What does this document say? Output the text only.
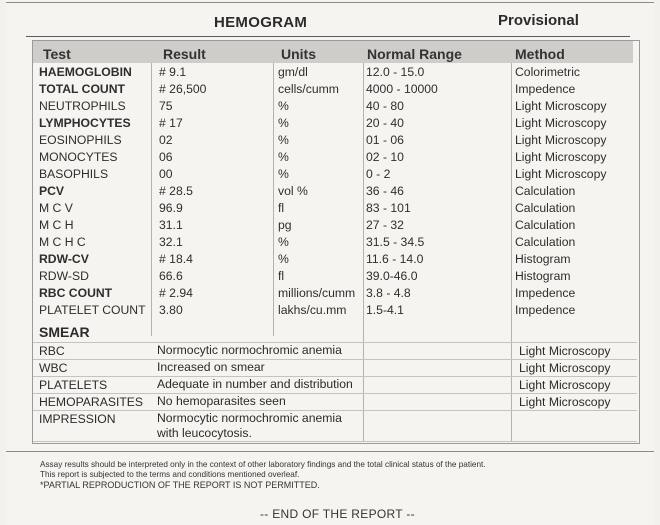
HEMOGRAM	Provisional
Test	Result	Units	Normal Range	Method
HAEMOGLOBIN # 9.1	gm/dl	12.0 - 15.0	Colorimetric
TOTAL COUNT	# 26,500	cells/cumm 4000 - 10000	Impedence
NEUTROPHILS	75	%	40 - 80	Light Microscopy
LYMPHOCYTES # 17	%	20 - 40	Light Microscopy
EOSINOPHILS	02	%	01 - 06	Light Microscopy
MONOCYTES	06	%	02 - 10	Light Microscopy
BASOPHILS	00	%	0 - 2	Light Microscopy
PCV	# 28.5	vol %	36 - 46	Calculation
M C V	96.9	fl	83 - 101	Calculation
M C H	31.1	pg	27 - 32	Calculation
M C H C	32.1	%	31.5 - 34.5	Calculation
RDW-CV	# 18.4	%	11.6 - 14.0	Histogram
RDW-SD	66.6	fl	39.0-46.0	Histogram
RBC COUNT	# 2.94	millions/cumm 3.8 - 4.8	Impedence
PLATELET COUNT 3.80	lakhs/cu.mm 1.5-4.1	Impedence
SMEAR
RBC	Normocytic normochromic anemia	Light Microscopy
WBC	Increased on smear	Light Microscopy
PLATELETS	Adequate in number and distribution	Light Microscopy
HEMOPARASITES No hemoparasites seen	Light Microscopy
IMPRESSION	Normocytic normochromic anemia
with leucocytosis.
Assay results should be interpreted only in the context of other laboratory findings and the total clinical status of the patient.
This report is subjected to the terms and conditions mentioned overleaf.
*PARTIAL REPRODUCTION OF THE REPORT IS NOT PERMITTED.
-- END OF THE REPORT --
